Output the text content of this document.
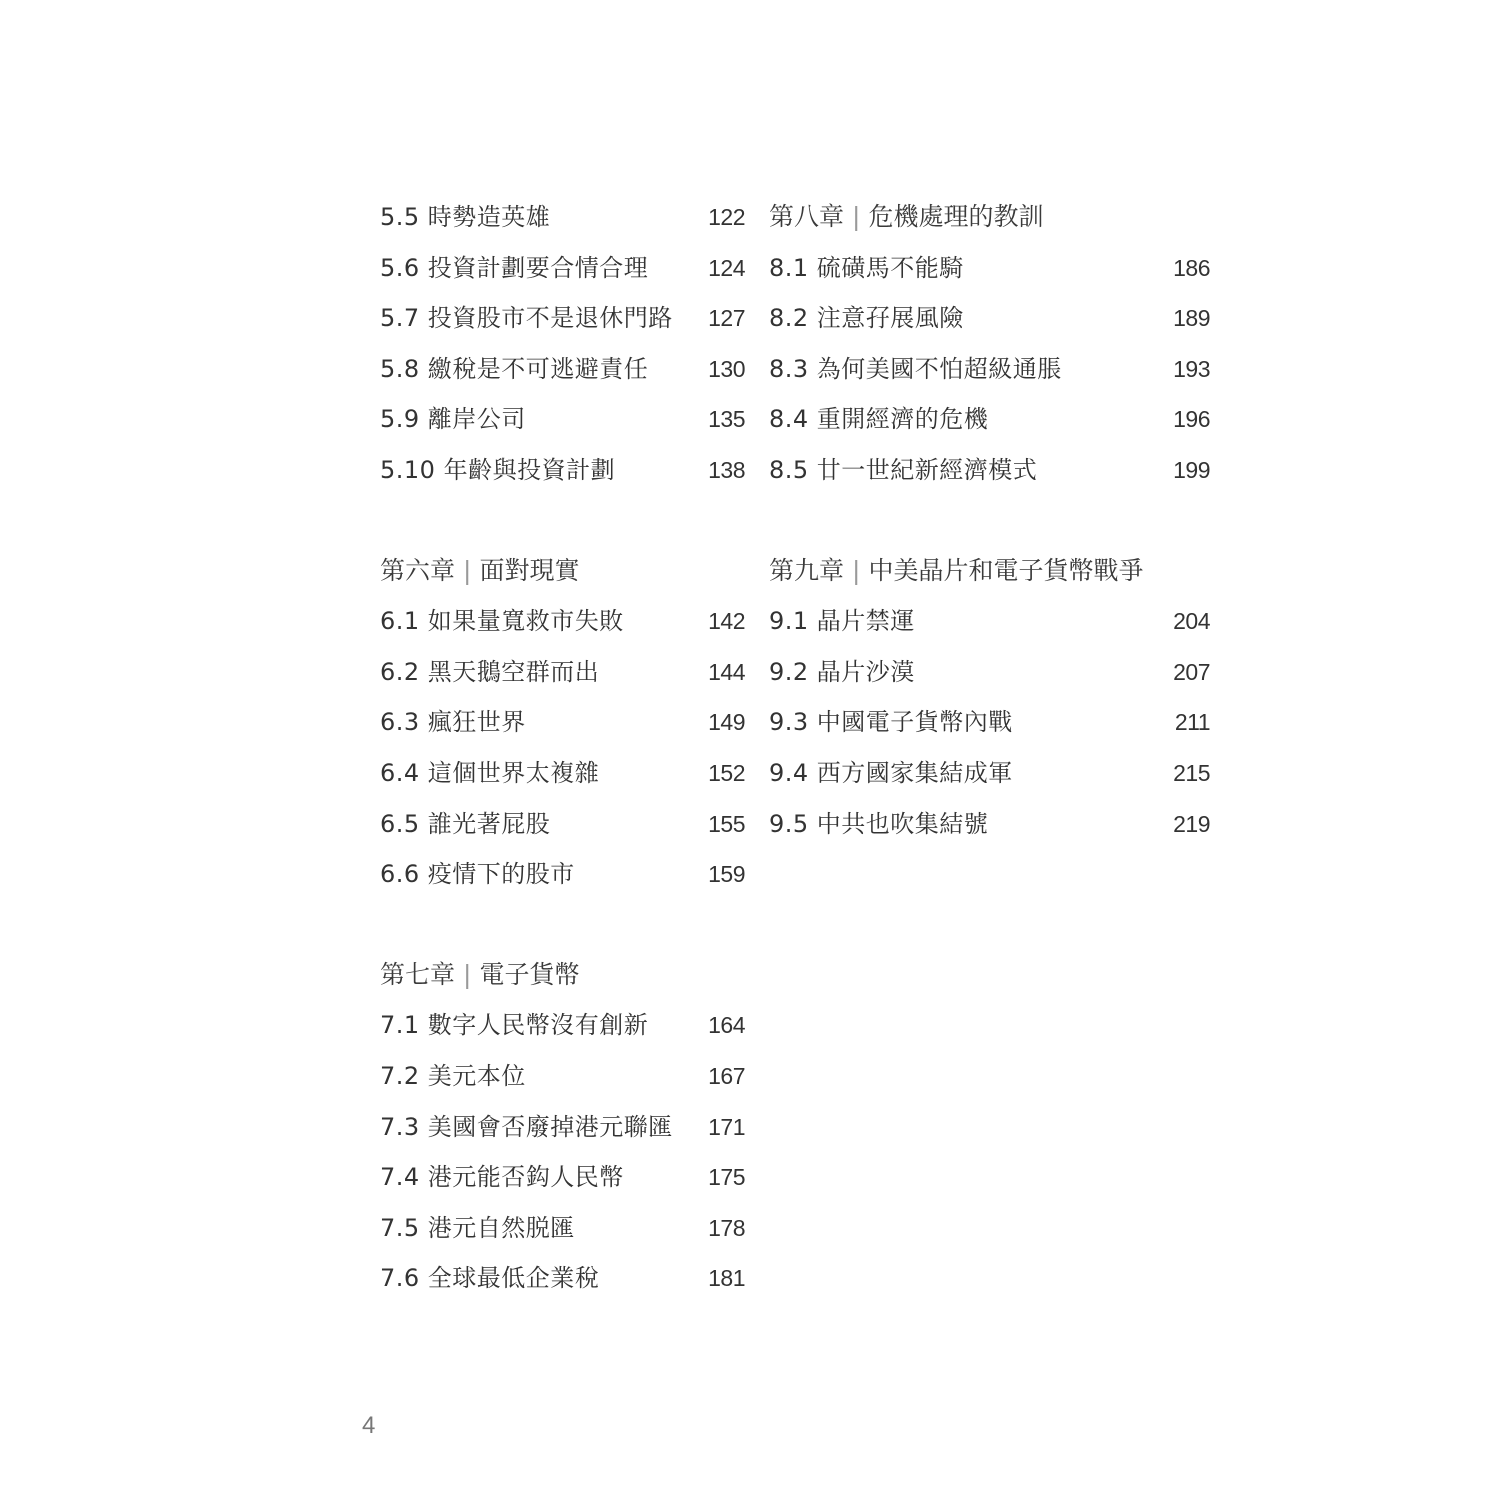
5.5 時勢造英雄	122
5.6 投資計劃要合情合理	124
5.7 投資股市不是退休門路 127
5.8 繳稅是不可逃避責任	130
5.9 離岸公司	135
5.10 年齡與投資計劃	138
第六章 | 面對現實
6.1 如果量寬救市失敗	142
6.2 黑天鵝空群而出	144
6.3 瘋狂世界	149
6.4 這個世界太複雜	152
6.5 誰光著屁股	155
6.6 疫情下的股市	159
第七章 | 電子貨幣
7.1 數字人民幣沒有創新	164
7.2 美元本位	167
7.3 美國會否廢掉港元聯匯 171
7.4 港元能否鈎人民幣	175
7.5 港元自然脱匯	178
7.6 全球最低企業稅	181
第八章 | 危機處理的教訓
8.1 硫磺馬不能騎	186
8.2 注意孖展風險	189
8.3 為何美國不怕超級通脹	193
8.4 重開經濟的危機	196
8.5 廿一世紀新經濟模式	199
第九章 | 中美晶片和電子貨幣戰爭
9.1 晶片禁運	204
9.2 晶片沙漠	207
9.3 中國電子貨幣內戰	211
9.4 西方國家集結成軍	215
9.5 中共也吹集結號	219
4
